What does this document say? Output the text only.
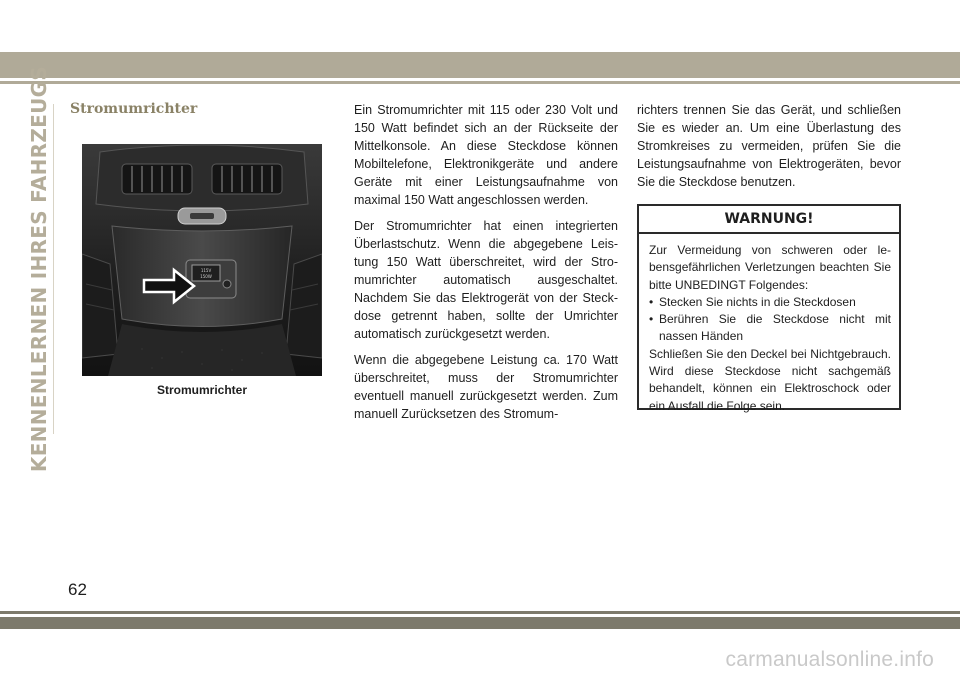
KENNENLERNEN IHRES FAHRZEUGS Stromumrichter
115V
150W
Stromumrichter

Ein Stromumrichter mit 115 oder 230 Volt und 150 Watt befindet sich an der Rückseite der Mittelkonsole. An diese Steckdose können Mobiltelefone, Elektronikgeräte und andere Geräte mit einer Leistungsaufnahme von maximal 150 Watt angeschlossen werden.

Der Stromumrichter hat einen integrierten Überlastschutz. Wenn die abgegebene Leistung 150 Watt überschreitet, wird der Stromumrichter automatisch ausgeschaltet. Nachdem Sie das Elektrogerät von der Steckdose getrennt haben, sollte der Umrichter automatisch zurückgesetzt werden.

Wenn die abgegebene Leistung ca. 170 Watt überschreitet, muss der Stromumrichter eventuell manuell zurückgesetzt werden. Zum manuell Zurücksetzen des Stromum-

richters trennen Sie das Gerät, und schließen Sie es wieder an. Um eine Überlastung des Stromkreises zu vermeiden, prüfen Sie die Leistungsaufnahme von Elektrogeräten, bevor Sie die Steckdose benutzen.

WARNUNG!
Zur Vermeidung von schweren oder lebensgefährlichen Verletzungen beachten Sie bitte UNBEDINGT Folgendes:
• Stecken Sie nichts in die Steckdosen
• Berühren Sie die Steckdose nicht mit nassen Händen
Schließen Sie den Deckel bei Nichtgebrauch. Wird diese Steckdose nicht sachgemäß behandelt, können ein Elektroschock oder ein Ausfall die Folge sein.
62
carmanualsonline.info
